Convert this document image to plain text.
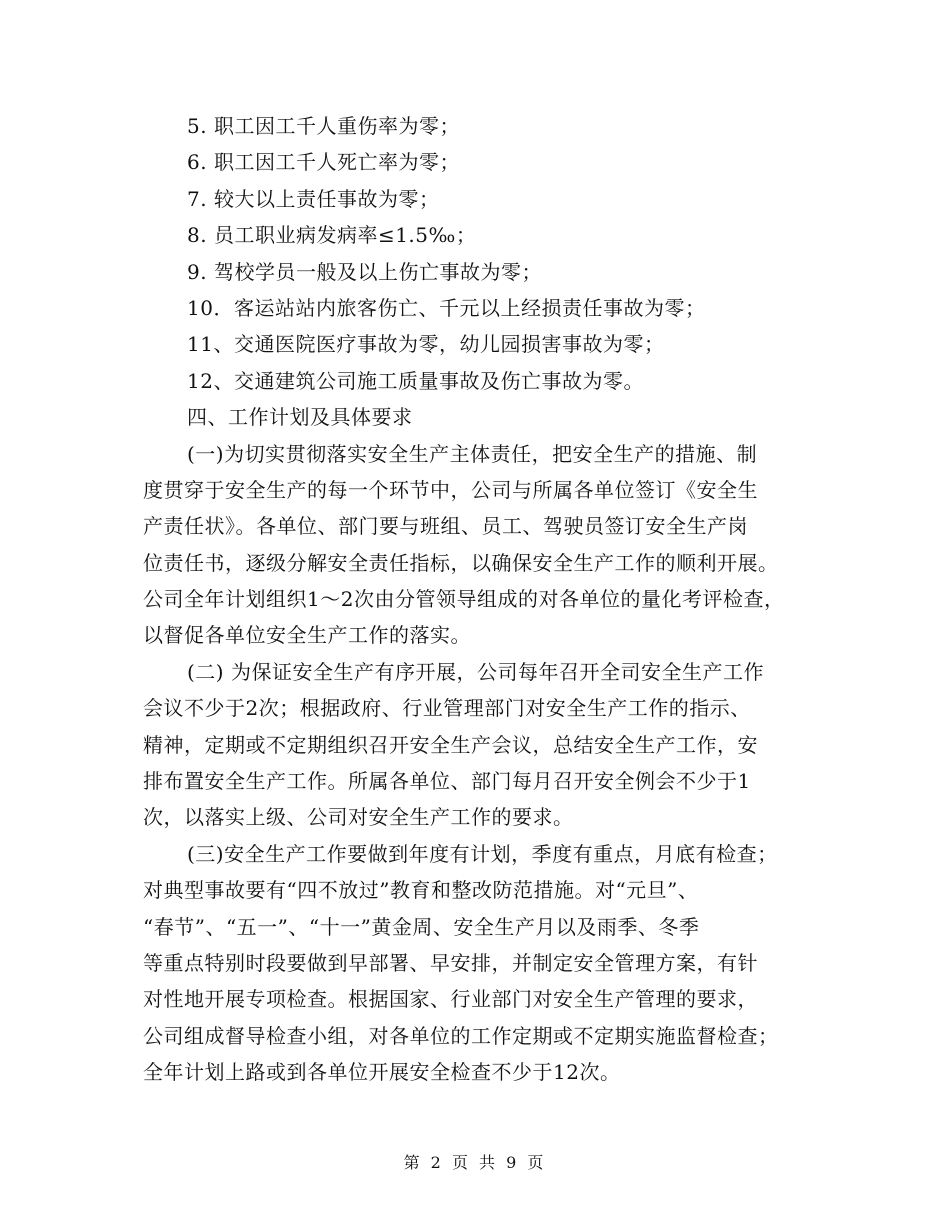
5. 职工因工千人重伤率为零；
6. 职工因工千人死亡率为零；
7. 较大以上责任事故为零；
8. 员工职业病发病率≤1.5‰；
9. 驾校学员一般及以上伤亡事故为零；
10．客运站站内旅客伤亡、千元以上经损责任事故为零；
11、交通医院医疗事故为零，幼儿园损害事故为零；
12、交通建筑公司施工质量事故及伤亡事故为零。
四、工作计划及具体要求
(一)为切实贯彻落实安全生产主体责任，把安全生产的措施、制
度贯穿于安全生产的每一个环节中，公司与所属各单位签订《安全生
产责任状》。各单位、部门要与班组、员工、驾驶员签订安全生产岗
位责任书，逐级分解安全责任指标，以确保安全生产工作的顺利开展。
公司全年计划组织1～2次由分管领导组成的对各单位的量化考评检查，
以督促各单位安全生产工作的落实。
(二) 为保证安全生产有序开展，公司每年召开全司安全生产工作
会议不少于2次；根据政府、行业管理部门对安全生产工作的指示、
精神，定期或不定期组织召开安全生产会议，总结安全生产工作，安
排布置安全生产工作。所属各单位、部门每月召开安全例会不少于1
次，以落实上级、公司对安全生产工作的要求。
(三)安全生产工作要做到年度有计划，季度有重点，月底有检查；
对典型事故要有“四不放过”教育和整改防范措施。对“元旦”、
“春节”、“五一”、“十一”黄金周、安全生产月以及雨季、冬季
等重点特别时段要做到早部署、早安排，并制定安全管理方案，有针
对性地开展专项检查。根据国家、行业部门对安全生产管理的要求，
公司组成督导检查小组，对各单位的工作定期或不定期实施监督检查；
全年计划上路或到各单位开展安全检查不少于12次。
第 2 页 共 9 页
